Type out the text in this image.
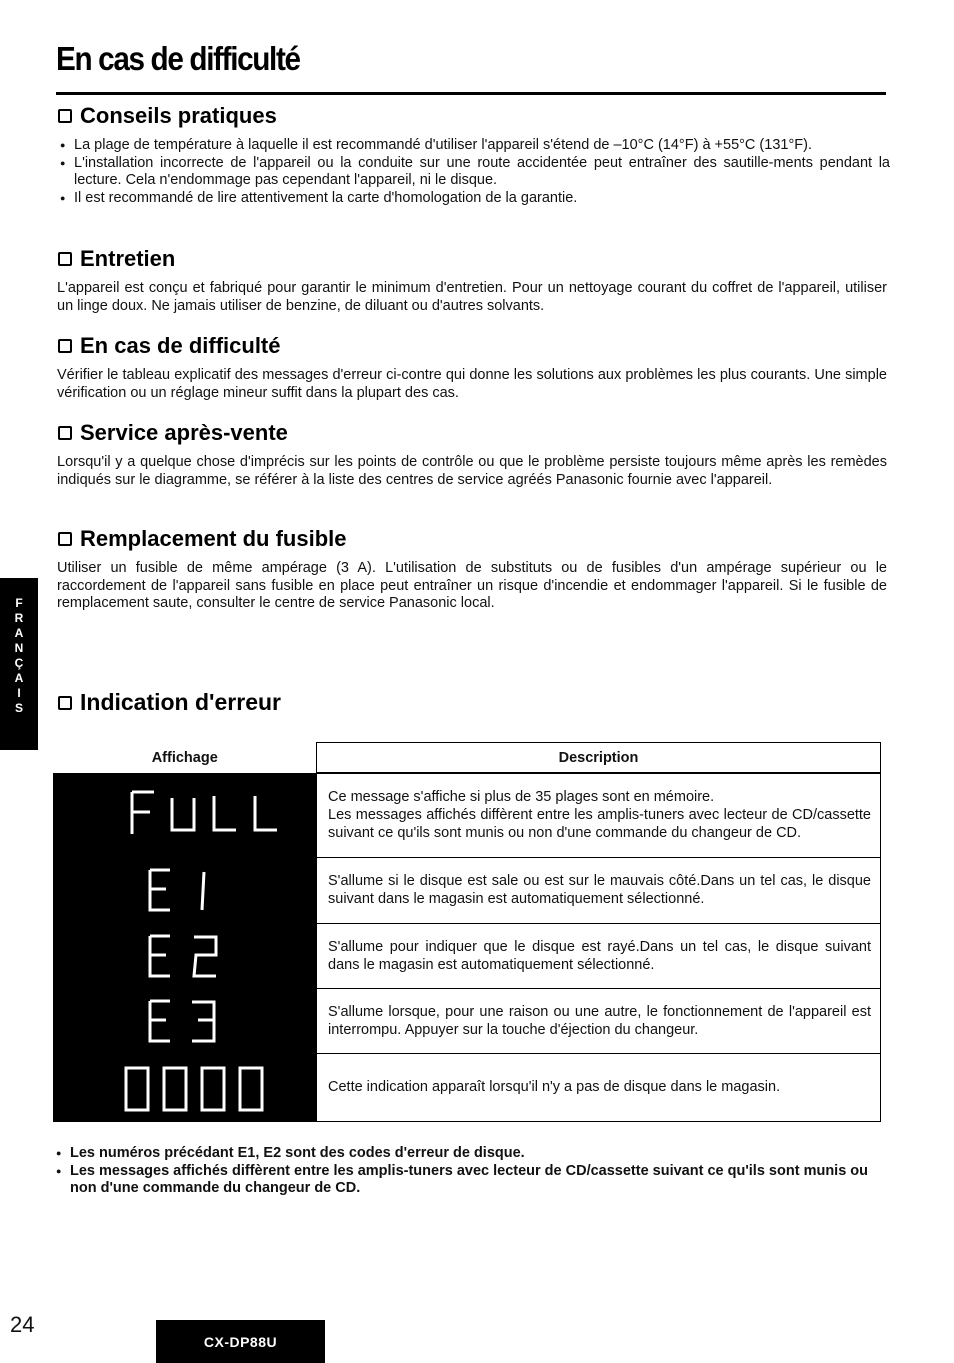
En cas de difficulté
Conseils pratiques
● La plage de température à laquelle il est recommandé d'utiliser l'appareil s'étend de –10°C (14°F) à +55°C (131°F).
● L'installation incorrecte de l'appareil ou la conduite sur une route accidentée peut entraîner des sautille-ments pendant la lecture. Cela n'endommage pas cependant l'appareil, ni le disque.
● Il est recommandé de lire attentivement la carte d'homologation de la garantie.
Entretien

L'appareil est conçu et fabriqué pour garantir le minimum d'entretien. Pour un nettoyage courant du coffret de l'appareil, utiliser un linge doux. Ne jamais utiliser de benzine, de diluant ou d'autres solvants.

En cas de difficulté

Vérifier le tableau explicatif des messages d'erreur ci-contre qui donne les solutions aux problèmes les plus courants. Une simple vérification ou un réglage mineur suffit dans la plupart des cas.

Service après-vente

Lorsqu'il y a quelque chose d'imprécis sur les points de contrôle ou que le problème persiste toujours même après les remèdes indiqués sur le diagramme, se référer à la liste des centres de service agréés Panasonic fournie avec l'appareil.

Remplacement du fusible

Utiliser un fusible de même ampérage (3 A). L'utilisation de substituts ou de fusibles d'un ampérage supérieur ou le raccordement de l'appareil sans fusible en place peut entraîner un risque d'incendie et endommager l'appareil. Si le fusible de remplacement saute, consulter le centre de service Panasonic local.

F
R
A
N
Ç
A
I
S	Indication d'erreur
Affichage	Description

	Ce message s'affiche si plus de 35 plages sont en mémoire.
Les messages affichés diffèrent entre les amplis-tuners avec lecteur de CD/cassette suivant ce qu'ils sont munis ou non d'une commande du changeur de CD.

	S'allume si le disque est sale ou est sur le mauvais côté.Dans un tel cas, le disque suivant dans le magasin est automatiquement sélectionné.

	S'allume pour indiquer que le disque est rayé.Dans un tel cas, le disque suivant dans le magasin est automatiquement sélectionné.

	S'allume lorsque, pour une raison ou une autre, le fonctionnement de l'appareil est interrompu. Appuyer sur la touche d'éjection du changeur.

	Cette indication apparaît lorsqu'il n'y a pas de disque dans le magasin.
● Les numéros précédant E1, E2 sont des codes d'erreur de disque.
● Les messages affichés diffèrent entre les amplis-tuners avec lecteur de CD/cassette suivant ce qu'ils sont munis ou non d'une commande du changeur de CD.
24
CX-DP88U
